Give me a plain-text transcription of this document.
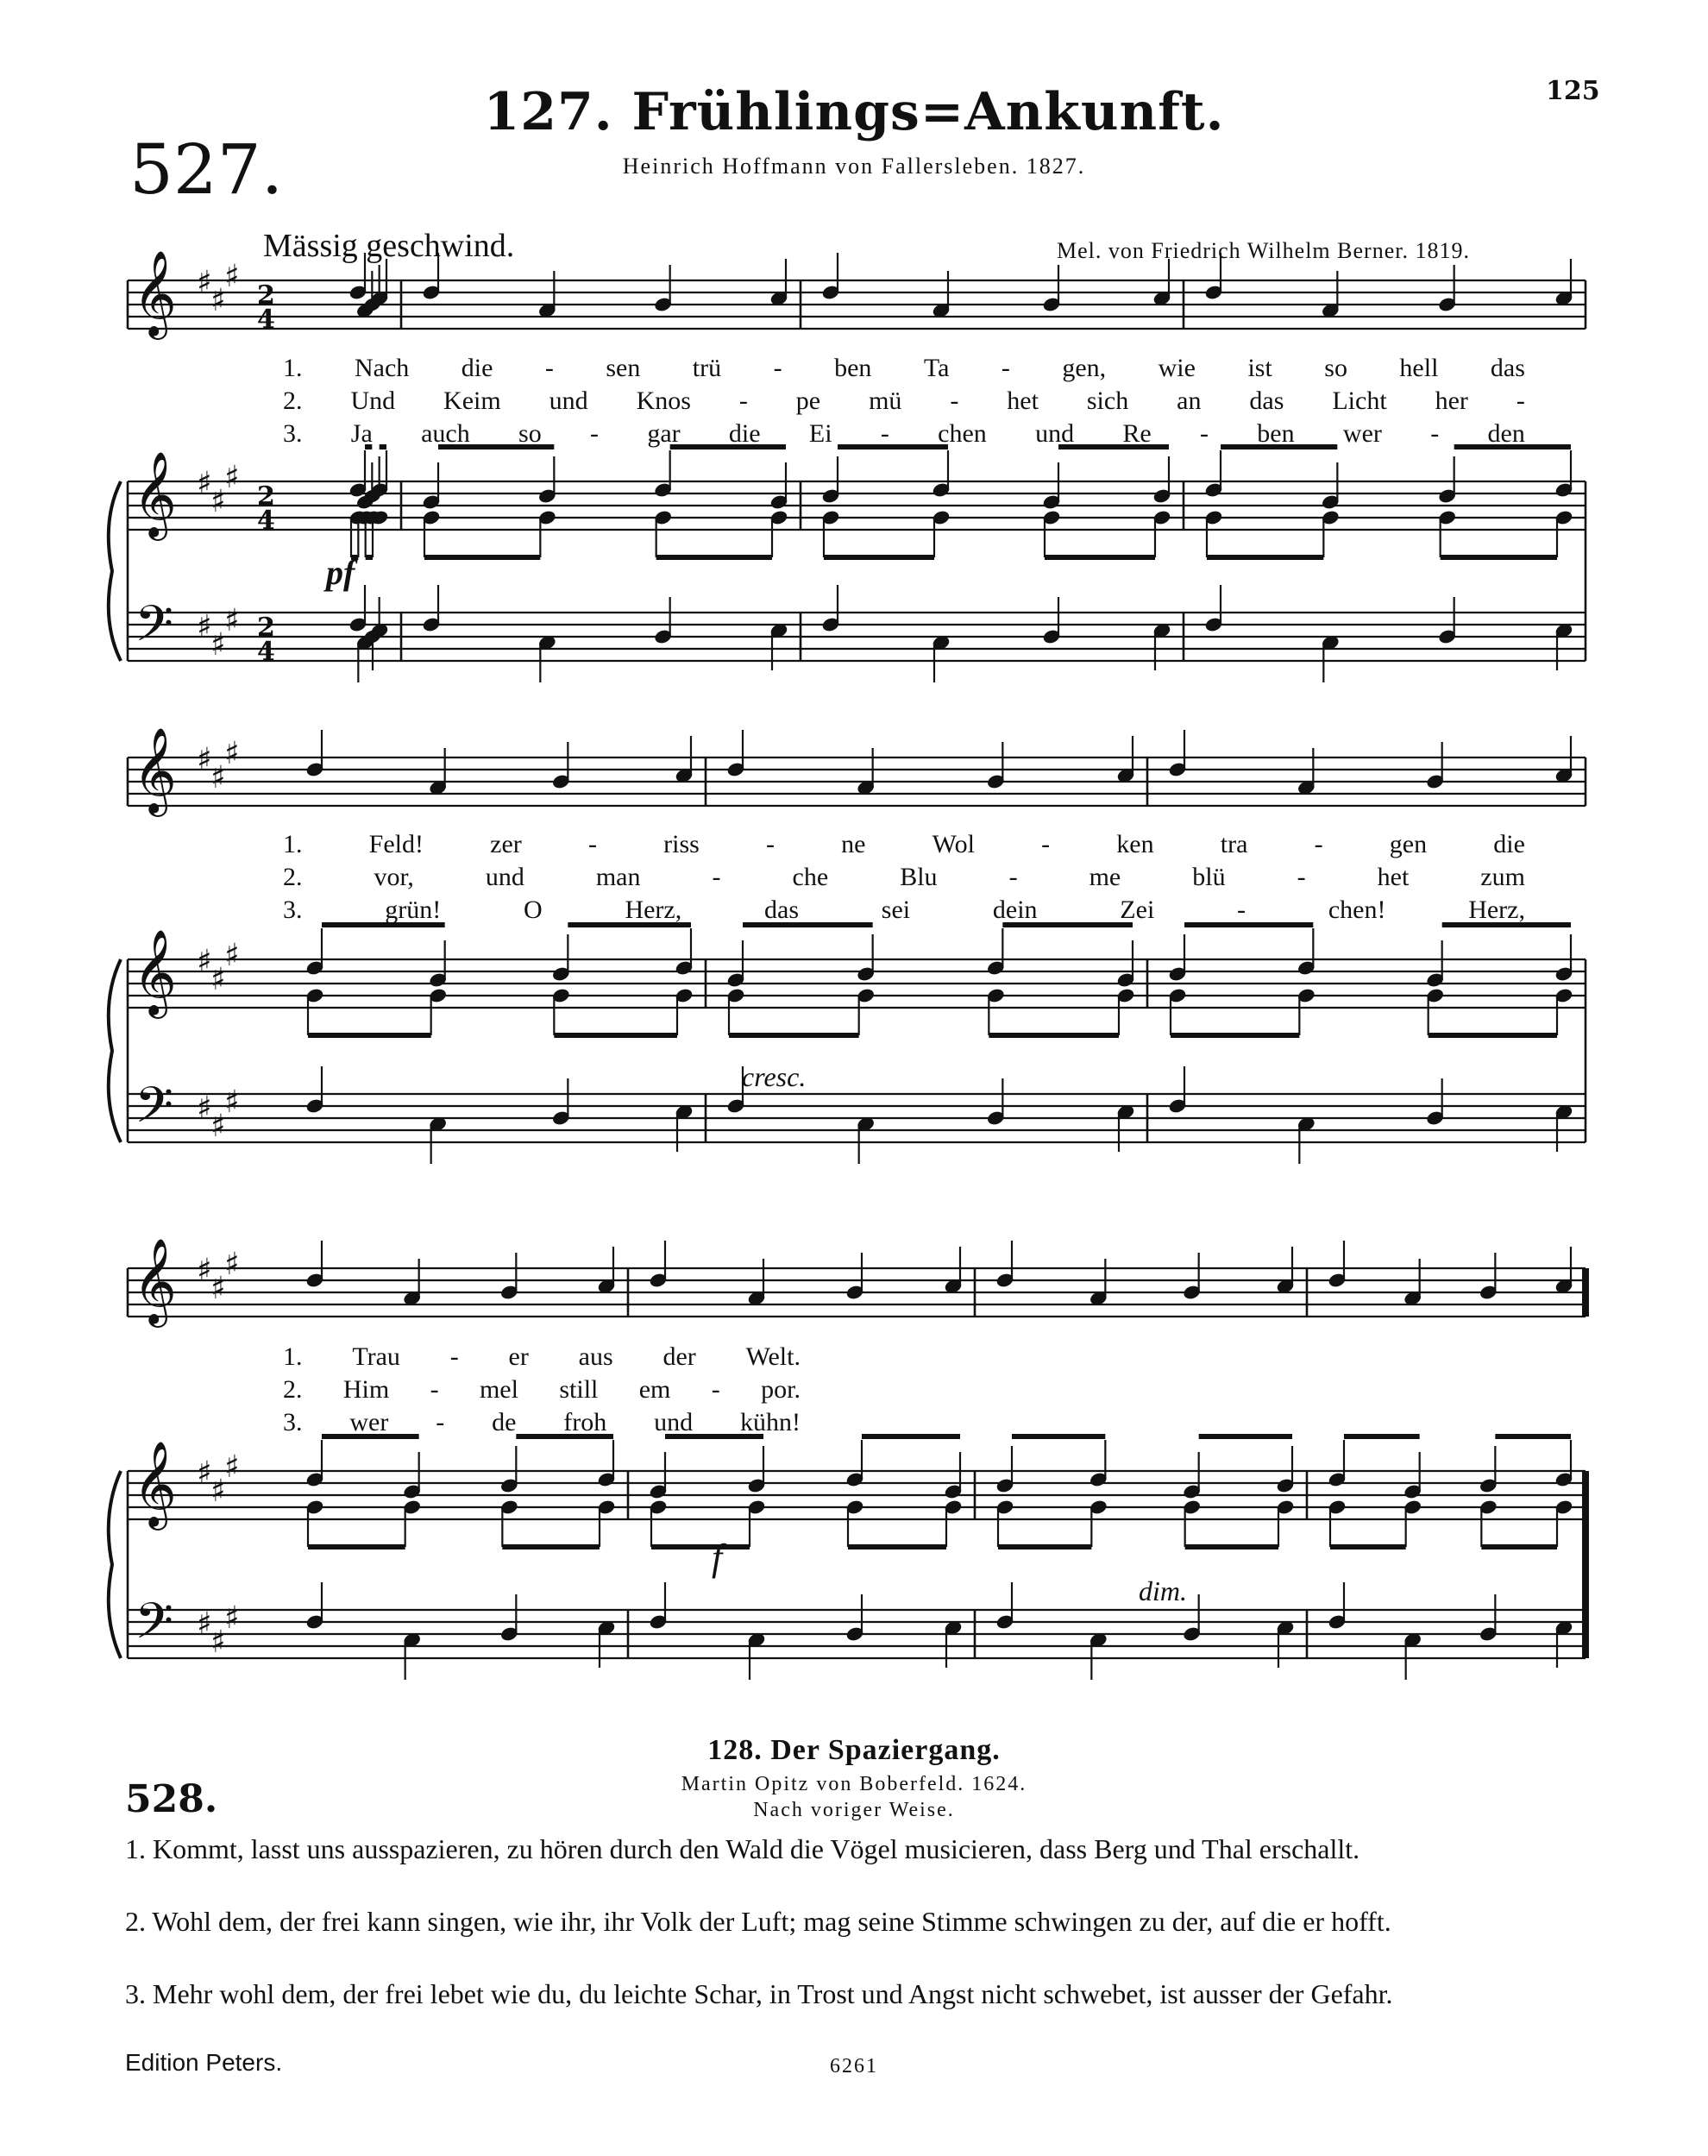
127. Frühlings=Ankunft.	125
527.	Heinrich Hoffmann von Fallersleben. 1827.
Mässig geschwind.	Mel. von Friedrich Wilhelm Berner. 1819.
𝄞
𝄞
𝄢
♯
♯
♯
♯
♯
♯
♯
♯
♯
2
4
2
4
2
4
𝄞
𝄞
𝄢
♯
♯
♯
♯
♯
♯
♯
♯
♯
𝄞
𝄞
𝄢
♯
♯
♯
♯
♯
♯
♯
♯
♯
1. Nach die - sen trü - ben Ta - gen, wie ist so hell das
2. Und Keim und Knos - pe mü - het sich an das Licht her -
3. Ja auch so - gar die Ei - chen und Re - ben wer - den
1.	Feld!	zer	-	riss	-	ne	Wol	-	ken	tra	-	gen	die
2.	vor,	und	man	-	che	Blu	-	me	blü	-	het	zum
3.	grün!	O	Herz,	das	sei	dein	Zei	-	chen!	Herz,
1. Trau - er aus der Welt.
2. Him - mel still em - por.
3. wer - de froh und kühn!
pf
cresc.
f
dim.
128. Der Spaziergang.
528.	Martin Opitz von Boberfeld. 1624.
Nach voriger Weise.
1. Kommt, lasst uns ausspazieren, zu hören durch den Wald die Vögel musicieren, dass Berg und Thal erschallt.
2. Wohl dem, der frei kann singen, wie ihr, ihr Volk der Luft; mag seine Stimme schwingen zu der, auf die er hofft.
3. Mehr wohl dem, der frei lebet wie du, du leichte Schar, in Trost und Angst nicht schwebet, ist ausser der Gefahr.
Edition Peters.	6261
